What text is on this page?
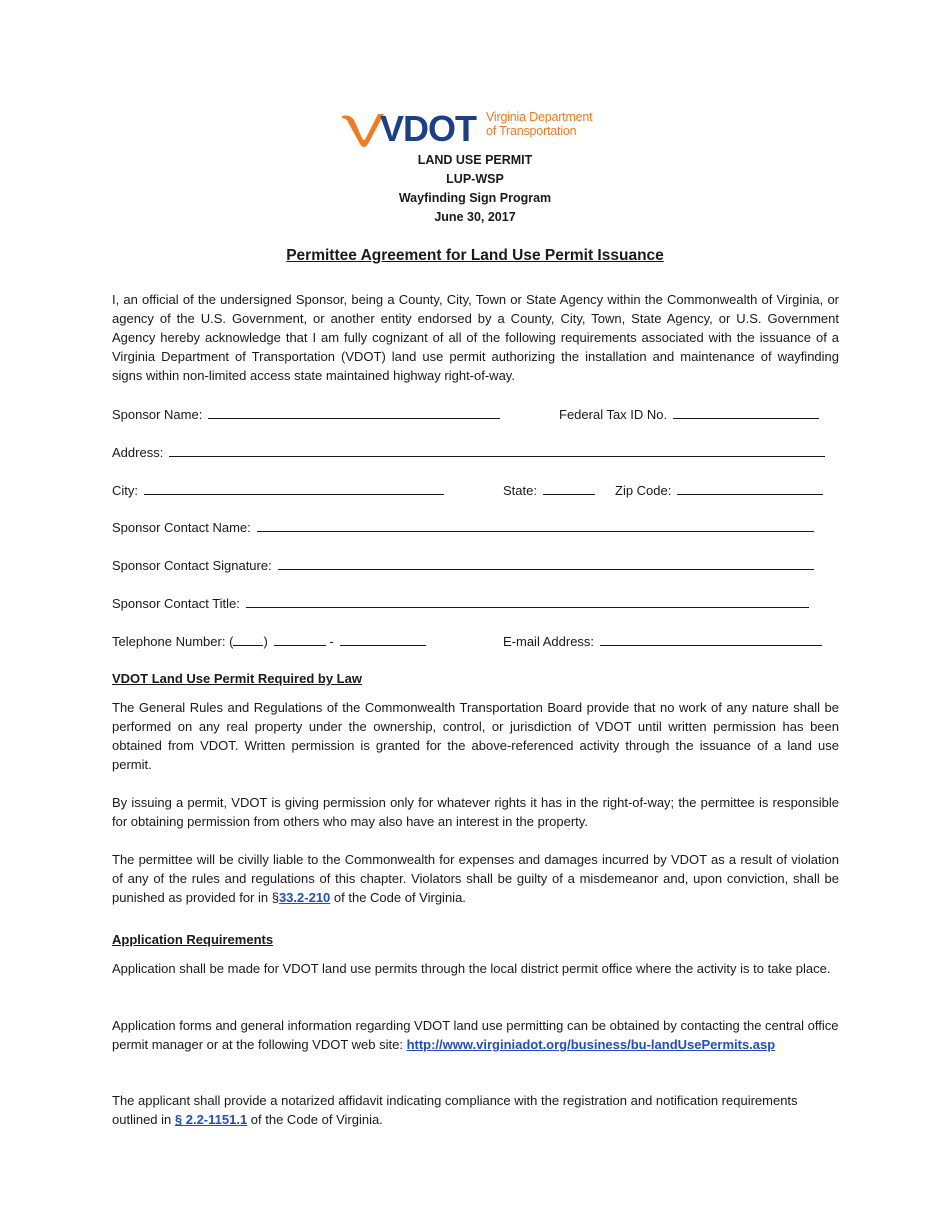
VDOT Virginia Department
of Transportation
LAND USE PERMIT
LUP-WSP
Wayfinding Sign Program
June 30, 2017
Permittee Agreement for Land Use Permit Issuance
I, an official of the undersigned Sponsor, being a County, City, Town or State Agency within the Commonwealth of Virginia, or agency of the U.S. Government, or another entity endorsed by a County, City, Town, State Agency, or U.S. Government Agency hereby acknowledge that I am fully cognizant of all of the following requirements associated with the issuance of a Virginia Department of Transportation (VDOT) land use permit authorizing the installation and maintenance of wayfinding signs within non-limited access state maintained highway right-of-way.
Sponsor Name:	Federal Tax ID No.
Address:
City:	State:	Zip Code:
Sponsor Contact Name:
Sponsor Contact Signature:
Sponsor Contact Title:
Telephone Number: ( )	-	E-mail Address:
VDOT Land Use Permit Required by Law
The General Rules and Regulations of the Commonwealth Transportation Board provide that no work of any nature shall be performed on any real property under the ownership, control, or jurisdiction of VDOT until written permission has been obtained from VDOT. Written permission is granted for the above-referenced activity through the issuance of a land use permit.
By issuing a permit, VDOT is giving permission only for whatever rights it has in the right-of-way; the permittee is responsible for obtaining permission from others who may also have an interest in the property.
The permittee will be civilly liable to the Commonwealth for expenses and damages incurred by VDOT as a result of violation of any of the rules and regulations of this chapter. Violators shall be guilty of a misdemeanor and, upon conviction, shall be punished as provided for in §33.2-210 of the Code of Virginia.
Application Requirements
Application shall be made for VDOT land use permits through the local district permit office where the activity is to take place.
Application forms and general information regarding VDOT land use permitting can be obtained by contacting the central office permit manager or at the following VDOT web site: http://www.virginiadot.org/business/bu-landUsePermits.asp
The applicant shall provide a notarized affidavit indicating compliance with the registration and notification requirements outlined in § 2.2-1151.1 of the Code of Virginia.
